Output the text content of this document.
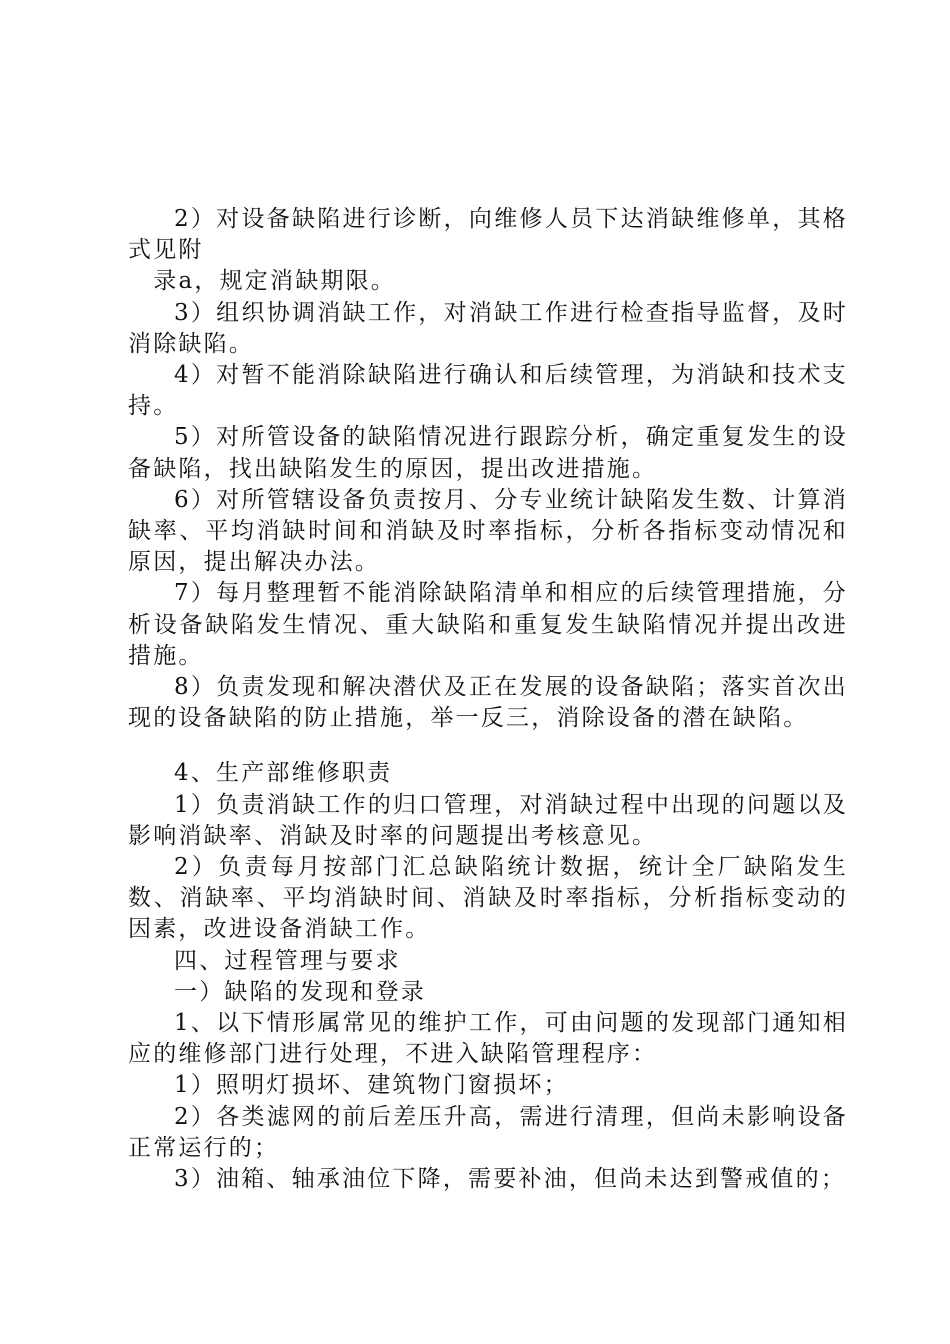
2）对设备缺陷进行诊断，向维修人员下达消缺维修单，其格式见附

录a，规定消缺期限。

3）组织协调消缺工作，对消缺工作进行检查指导监督，及时消除缺陷。

4）对暂不能消除缺陷进行确认和后续管理，为消缺和技术支持。

5）对所管设备的缺陷情况进行跟踪分析，确定重复发生的设备缺陷，找出缺陷发生的原因，提出改进措施。

6）对所管辖设备负责按月、分专业统计缺陷发生数、计算消缺率、平均消缺时间和消缺及时率指标，分析各指标变动情况和原因，提出解决办法。

7）每月整理暂不能消除缺陷清单和相应的后续管理措施，分析设备缺陷发生情况、重大缺陷和重复发生缺陷情况并提出改进措施。

8）负责发现和解决潜伏及正在发展的设备缺陷；落实首次出现的设备缺陷的防止措施，举一反三，消除设备的潜在缺陷。

4、生产部维修职责

1）负责消缺工作的归口管理，对消缺过程中出现的问题以及影响消缺率、消缺及时率的问题提出考核意见。

2）负责每月按部门汇总缺陷统计数据，统计全厂缺陷发生数、消缺率、平均消缺时间、消缺及时率指标，分析指标变动的因素，改进设备消缺工作。

四、过程管理与要求

一）缺陷的发现和登录

1、以下情形属常见的维护工作，可由问题的发现部门通知相应的维修部门进行处理，不进入缺陷管理程序：

1）照明灯损坏、建筑物门窗损坏；

2）各类滤网的前后差压升高，需进行清理，但尚未影响设备正常运行的；

3）油箱、轴承油位下降，需要补油，但尚未达到警戒值的；
